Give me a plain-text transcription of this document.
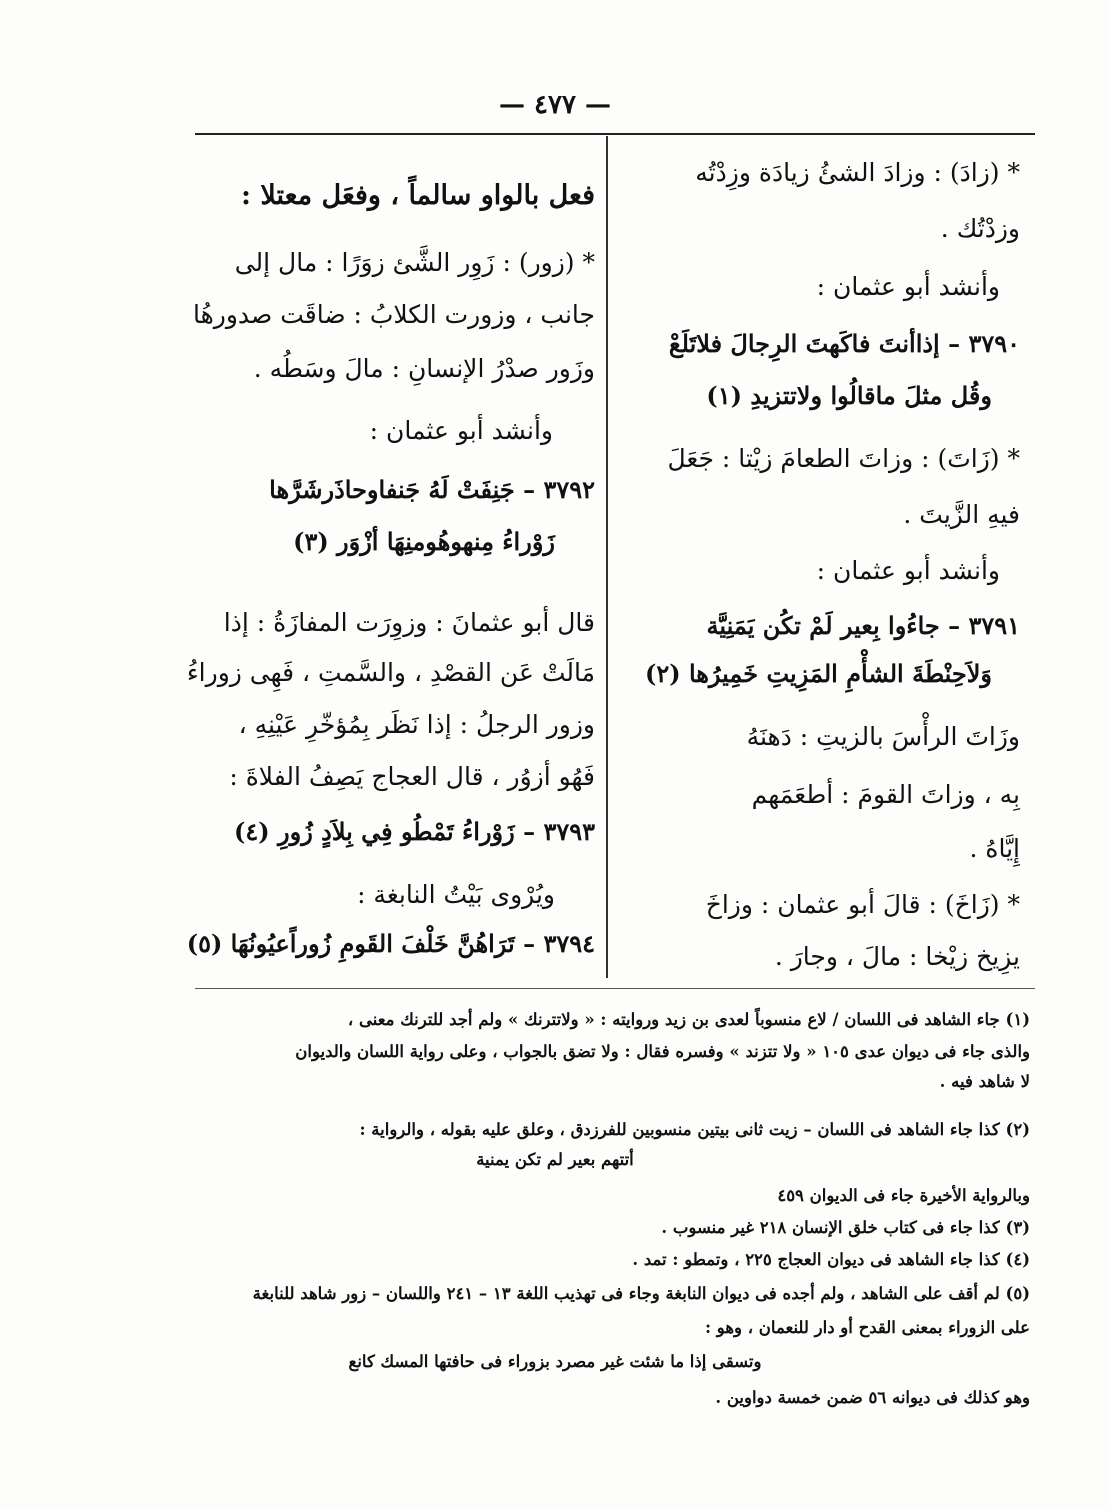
— ٤٧٧ —
* (زادَ) : وزادَ الشئُ زيادَة وزِدْتُه
وزدْتُك .
وأنشد أبو عثمان :
٣٧٩٠ – إذاأنتَ فاكَهتَ الرِجالَ فلاتَلَعْ
وقُل مثلَ ماقالُوا ولاتتزيدِ (١)
* (زَاتَ) : وزاتَ الطعامَ زيْتا : جَعَلَ
فيهِ الزَّيتَ .
وأنشد أبو عثمان :
٣٧٩١ – جاءُوا بِعير لَمْ تكُن يَمَنِيَّة
وَلاَحِنْطَةَ الشأْمِ المَزِيتِ خَمِيرُها (٢)
وزَاتَ الرأْسَ بالزيتِ : دَهنَهُ
بِه ، وزاتَ القومَ : أطعَمَهم
إِيَّاهُ .
* (زَاخَ) : قالَ أبو عثمان : وزاخَ
يزِيخ زيْخا : مالَ ، وجارَ .
فعل بالواو سالماً ، وفعَل معتلا :
* (زور) : زَوِر الشَّئ زوَرًا : مال إلى
جانب ، وزورت الكلابُ : ضاقَت صدورهُا
وزَور صدْرُ الإنسانِ : مالَ وسَطُه .
وأنشد أبو عثمان :
٣٧٩٢ – جَنِفَتْ لَهُ جَنفاوحاذَرشَرَّها
زَوْراءُ مِنهوهُومنِهَا أزْوَر (٣)
قال أبو عثمانَ : وزوِرَت المفازَةُ : إذا
مَالَتْ عَن القصْدِ ، والسَّمتِ ، فَهِى زوراءُ
وزور الرجلُ : إذا نَظَر بِمُؤخّرِ عَيْنِهِ ،
فَهُو أزوُر ، قال العجاج يَصِفُ الفلاةَ :
٣٧٩٣ – زَوْراءُ تَمْطُو فِي بِلاَدٍ زُورِ (٤)
ويُرْوى بَيْتُ النابغة :
٣٧٩٤ – تَرَاهُنَّ خَلْفَ القَومِ زُوراًعيُونُهَا (٥)
(١) جاء الشاهد فى اللسان / لاع منسوباً لعدى بن زيد وروايته : « ولاتترنك » ولم أجد للترنك معنى ،
والذى جاء فى ديوان عدى ١٠٥ « ولا تتزند » وفسره فقال : ولا تضق بالجواب ، وعلى رواية اللسان والديوان
لا شاهد فيه .
(٢) كذا جاء الشاهد فى اللسان – زيت ثانى بيتين منسوبين للفرزدق ، وعلق عليه بقوله ، والرواية :
أتتهم بعير لم تكن يمنية
وبالرواية الأخيرة جاء فى الديوان ٤٥٩
(٣) كذا جاء فى كتاب خلق الإنسان ٢١٨ غير منسوب .
(٤) كذا جاء الشاهد فى ديوان العجاج ٢٢٥ ، وتمطو : تمد .
(٥) لم أقف على الشاهد ، ولم أجده فى ديوان النابغة وجاء فى تهذيب اللغة ١٣ – ٢٤١ واللسان – زور شاهد للنابغة
على الزوراء بمعنى القدح أو دار للنعمان ، وهو :
وتسقى إذا ما شئت غير مصرد بزوراء فى حافتها المسك كانع
وهو كذلك فى ديوانه ٥٦ ضمن خمسة دواوين .
